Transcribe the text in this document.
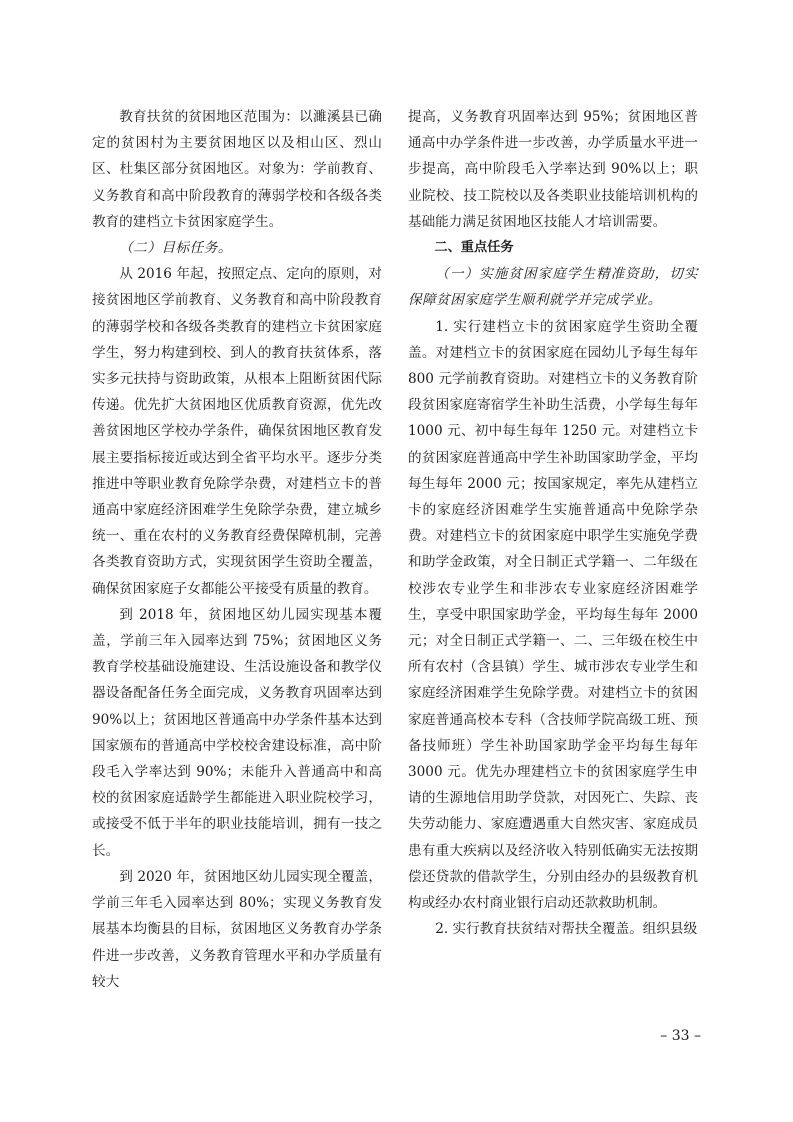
教育扶贫的贫困地区范围为：以濉溪县已确定的贫困村为主要贫困地区以及相山区、烈山区、杜集区部分贫困地区。对象为：学前教育、义务教育和高中阶段教育的薄弱学校和各级各类教育的建档立卡贫困家庭学生。

（二）目标任务。

从 2016 年起，按照定点、定向的原则，对接贫困地区学前教育、义务教育和高中阶段教育的薄弱学校和各级各类教育的建档立卡贫困家庭学生，努力构建到校、到人的教育扶贫体系，落实多元扶持与资助政策，从根本上阻断贫困代际传递。优先扩大贫困地区优质教育资源，优先改善贫困地区学校办学条件，确保贫困地区教育发展主要指标接近或达到全省平均水平。逐步分类推进中等职业教育免除学杂费，对建档立卡的普通高中家庭经济困难学生免除学杂费，建立城乡统一、重在农村的义务教育经费保障机制，完善各类教育资助方式，实现贫困学生资助全覆盖，确保贫困家庭子女都能公平接受有质量的教育。

到 2018 年，贫困地区幼儿园实现基本覆盖，学前三年入园率达到 75%；贫困地区义务教育学校基础设施建设、生活设施设备和教学仪器设备配备任务全面完成，义务教育巩固率达到 90%以上；贫困地区普通高中办学条件基本达到国家颁布的普通高中学校校舍建设标准，高中阶段毛入学率达到 90%；未能升入普通高中和高校的贫困家庭适龄学生都能进入职业院校学习，或接受不低于半年的职业技能培训，拥有一技之长。

到 2020 年，贫困地区幼儿园实现全覆盖，学前三年毛入园率达到 80%；实现义务教育发展基本均衡县的目标，贫困地区义务教育办学条件进一步改善，义务教育管理水平和办学质量有较大

提高，义务教育巩固率达到 95%；贫困地区普通高中办学条件进一步改善，办学质量水平进一步提高，高中阶段毛入学率达到 90%以上；职业院校、技工院校以及各类职业技能培训机构的基础能力满足贫困地区技能人才培训需要。

二、重点任务

（一）实施贫困家庭学生精准资助，切实保障贫困家庭学生顺利就学并完成学业。

1. 实行建档立卡的贫困家庭学生资助全覆盖。对建档立卡的贫困家庭在园幼儿予每生每年 800 元学前教育资助。对建档立卡的义务教育阶段贫困家庭寄宿学生补助生活费，小学每生每年 1000 元、初中每生每年 1250 元。对建档立卡的贫困家庭普通高中学生补助国家助学金，平均每生每年 2000 元；按国家规定，率先从建档立卡的家庭经济困难学生实施普通高中免除学杂费。对建档立卡的贫困家庭中职学生实施免学费和助学金政策，对全日制正式学籍一、二年级在校涉农专业学生和非涉农专业家庭经济困难学生，享受中职国家助学金，平均每生每年 2000 元；对全日制正式学籍一、二、三年级在校生中所有农村（含县镇）学生、城市涉农专业学生和家庭经济困难学生免除学费。对建档立卡的贫困家庭普通高校本专科（含技师学院高级工班、预备技师班）学生补助国家助学金平均每生每年 3000 元。优先办理建档立卡的贫困家庭学生申请的生源地信用助学贷款，对因死亡、失踪、丧失劳动能力、家庭遭遇重大自然灾害、家庭成员患有重大疾病以及经济收入特别低确实无法按期偿还贷款的借款学生，分别由经办的县级教育机构或经办农村商业银行启动还款救助机制。

2. 实行教育扶贫结对帮扶全覆盖。组织县级

– 33 –
